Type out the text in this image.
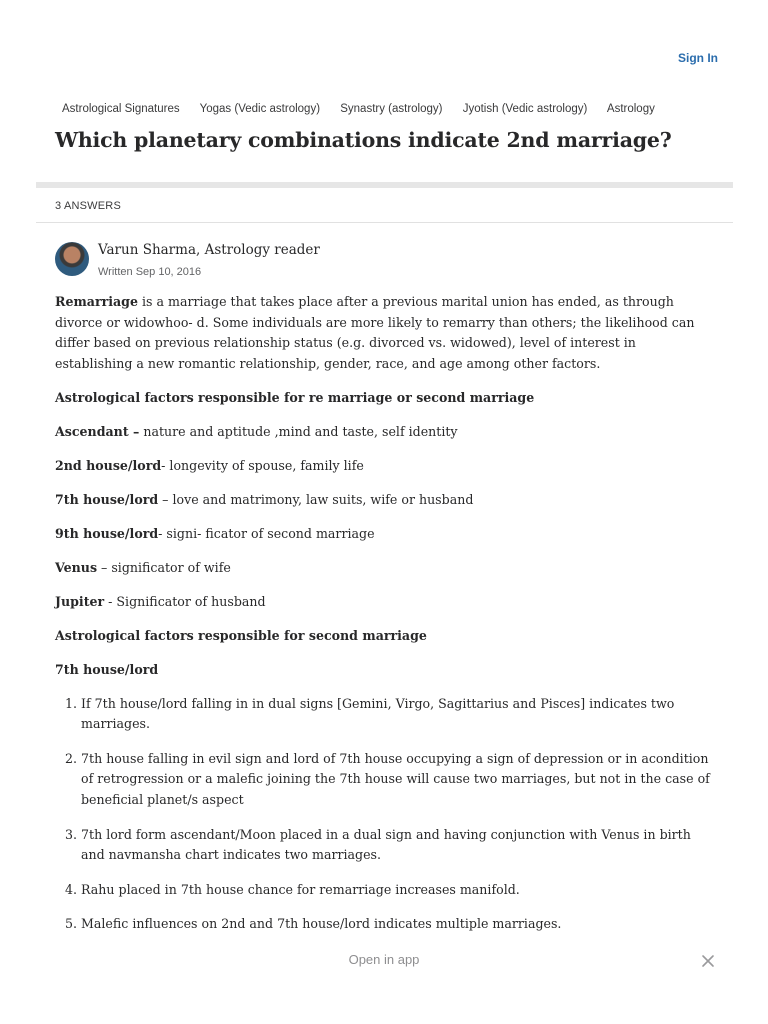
Sign In
Astrological Signatures Yogas (Vedic astrology) Synastry (astrology) Jyotish (Vedic astrology) Astrology
Which planetary combinations indicate 2nd marriage?
3 ANSWERS
Varun Sharma, Astrology reader
Written Sep 10, 2016

Remarriage is a marriage that takes place after a previous marital union has ended, as through divorce or widowhoo- d. Some individuals are more likely to remarry than others; the likelihood can differ based on previous relationship status (e.g. divorced vs. widowed), level of interest in establishing a new romantic relationship, gender, race, and age among other factors.

Astrological factors responsible for re marriage or second marriage

Ascendant – nature and aptitude ,mind and taste, self identity

2nd house/lord- longevity of spouse, family life

7th house/lord – love and matrimony, law suits, wife or husband

9th house/lord- signi- ficator of second marriage

Venus – significator of wife

Jupiter - Significator of husband

Astrological factors responsible for second marriage

7th house/lord

1. If 7th house/lord falling in in dual signs [Gemini, Virgo, Sagittarius and Pisces] indicates two marriages.
2. 7th house falling in evil sign and lord of 7th house occupying a sign of depression or in acondition of retrogression or a malefic joining the 7th house will cause two marriages, but not in the case of beneficial planet/s aspect
3. 7th lord form ascendant/Moon placed in a dual sign and having conjunction with Venus in birth and navmansha chart indicates two marriages.
4. Rahu placed in 7th house chance for remarriage increases manifold.
5. Malefic influences on 2nd and 7th house/lord indicates multiple marriages.
Open in app
